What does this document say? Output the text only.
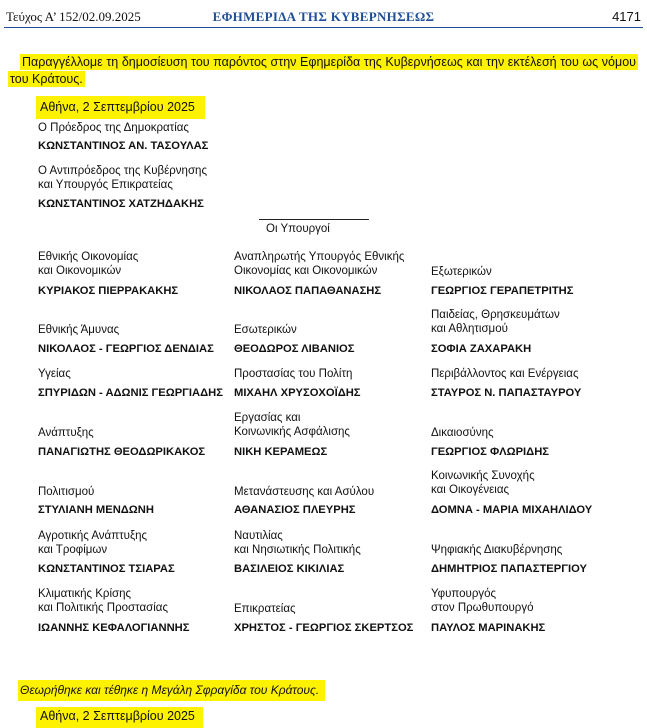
Τεύχος Α’ 152/02.09.2025	ΕΦΗΜΕΡΙΔΑ ΤΗΣ ΚΥΒΕΡΝΗΣΕΩΣ	4171
Παραγγέλλομε τη δημοσίευση του παρόντος στην Εφημερίδα της Κυβερνήσεως και την εκτέλεσή του ως νόμου του Κράτους.
Αθήνα, 2 Σεπτεμβρίου 2025
Ο Πρόεδρος της Δημοκρατίας
ΚΩΝΣΤΑΝΤΙΝΟΣ ΑΝ. ΤΑΣΟΥΛΑΣ
Ο Αντιπρόεδρος της Κυβέρνησης
και Υπουργός Επικρατείας
ΚΩΝΣΤΑΝΤΙΝΟΣ ΧΑΤΖΗΔΑΚΗΣ
Οι Υπουργοί
Εθνικής Οικονομίας
και Οικονομικών
ΚΥΡΙΑΚΟΣ ΠΙΕΡΡΑΚΑΚΗΣ
Αναπληρωτής Υπουργός Εθνικής
Οικονομίας και Οικονομικών
ΝΙΚΟΛΑΟΣ ΠΑΠΑΘΑΝΑΣΗΣ
Εξωτερικών
ΓΕΩΡΓΙΟΣ ΓΕΡΑΠΕΤΡΙΤΗΣ
Εθνικής Άμυνας
ΝΙΚΟΛΑΟΣ - ΓΕΩΡΓΙΟΣ ΔΕΝΔΙΑΣ
Εσωτερικών
ΘΕΟΔΩΡΟΣ ΛΙΒΑΝΙΟΣ
Παιδείας, Θρησκευμάτων
και Αθλητισμού
ΣΟΦΙΑ ΖΑΧΑΡΑΚΗ
Υγείας
ΣΠΥΡΙΔΩΝ - ΑΔΩΝΙΣ ΓΕΩΡΓΙΑΔΗΣ
Προστασίας του Πολίτη
ΜΙΧΑΗΛ ΧΡΥΣΟΧΟΪΔΗΣ
Περιβάλλοντος και Ενέργειας
ΣΤΑΥΡΟΣ Ν. ΠΑΠΑΣΤΑΥΡΟΥ
Ανάπτυξης
ΠΑΝΑΓΙΩΤΗΣ ΘΕΟΔΩΡΙΚΑΚΟΣ
Εργασίας και
Κοινωνικής Ασφάλισης
ΝΙΚΗ ΚΕΡΑΜΕΩΣ
Δικαιοσύνης
ΓΕΩΡΓΙΟΣ ΦΛΩΡΙΔΗΣ
Πολιτισμού
ΣΤΥΛΙΑΝΗ ΜΕΝΔΩΝΗ
Μετανάστευσης και Ασύλου
ΑΘΑΝΑΣΙΟΣ ΠΛΕΥΡΗΣ
Κοινωνικής Συνοχής
και Οικογένειας
ΔΟΜΝΑ - ΜΑΡΙΑ ΜΙΧΑΗΛΙΔΟΥ
Αγροτικής Ανάπτυξης
και Τροφίμων
ΚΩΝΣΤΑΝΤΙΝΟΣ ΤΣΙΑΡΑΣ
Ναυτιλίας
και Νησιωτικής Πολιτικής
ΒΑΣΙΛΕΙΟΣ ΚΙΚΙΛΙΑΣ
Ψηφιακής Διακυβέρνησης
ΔΗΜΗΤΡΙΟΣ ΠΑΠΑΣΤΕΡΓΙΟΥ
Κλιματικής Κρίσης
και Πολιτικής Προστασίας
ΙΩΑΝΝΗΣ ΚΕΦΑΛΟΓΙΑΝΝΗΣ
Επικρατείας
ΧΡΗΣΤΟΣ - ΓΕΩΡΓΙΟΣ ΣΚΕΡΤΣΟΣ
Υφυπουργός
στον Πρωθυπουργό
ΠΑΥΛΟΣ ΜΑΡΙΝΑΚΗΣ
Θεωρήθηκε και τέθηκε η Μεγάλη Σφραγίδα του Κράτους.
Αθήνα, 2 Σεπτεμβρίου 2025
